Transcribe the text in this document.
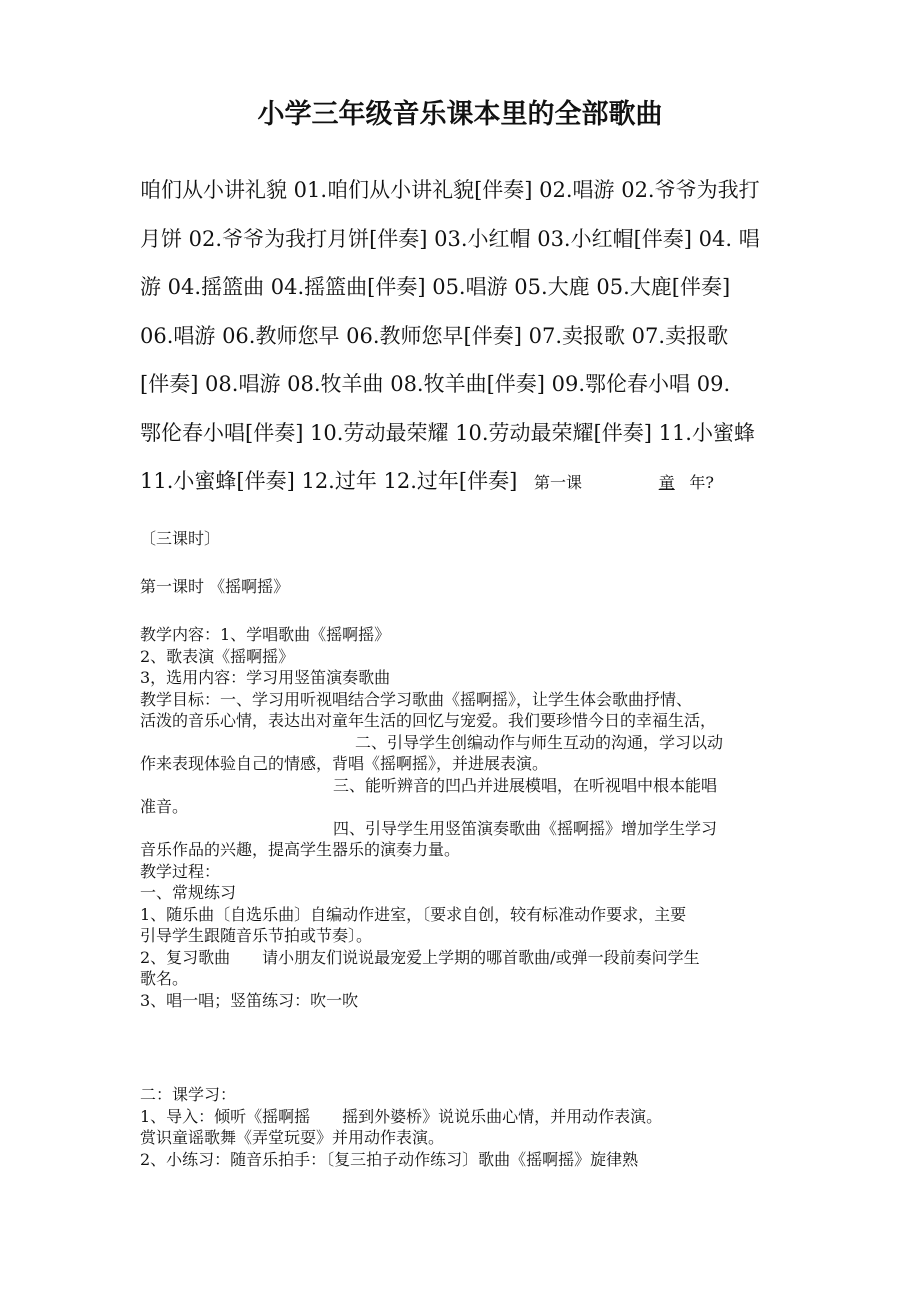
小学三年级音乐课本里的全部歌曲
咱们从小讲礼貌 01.咱们从小讲礼貌[伴奏] 02.唱游 02.爷爷为我打
月饼 02.爷爷为我打月饼[伴奏] 03.小红帽 03.小红帽[伴奏] 04. 唱
游 04.摇篮曲 04.摇篮曲[伴奏] 05.唱游 05.大鹿 05.大鹿[伴奏]
06.唱游 06.教师您早 06.教师您早[伴奏] 07.卖报歌 07.卖报歌
[伴奏] 08.唱游 08.牧羊曲 08.牧羊曲[伴奏] 09.鄂伦春小唱 09.
鄂伦春小唱[伴奏] 10.劳动最荣耀 10.劳动最荣耀[伴奏] 11.小蜜蜂
11.小蜜蜂[伴奏] 12.过年 12.过年[伴奏] 第一课	童 年?
〔三课时〕
第一课时 《摇啊摇》
教学内容：1、学唱歌曲《摇啊摇》
2、歌表演《摇啊摇》
3，选用内容：学习用竖笛演奏歌曲
教学目标：一、学习用听视唱结合学习歌曲《摇啊摇》，让学生体会歌曲抒情、
活泼的音乐心情，表达出对童年生活的回忆与宠爱。我们要珍惜今日的幸福生活，
二、引导学生创编动作与师生互动的沟通，学习以动
作来表现体验自己的情感，背唱《摇啊摇》，并进展表演。
三、能听辨音的凹凸并进展模唱，在听视唱中根本能唱
准音。
四、引导学生用竖笛演奏歌曲《摇啊摇》增加学生学习
音乐作品的兴趣，提高学生器乐的演奏力量。
教学过程：
一、常规练习
1、随乐曲〔自选乐曲〕自编动作进室，〔要求自创，较有标准动作要求，主要
引导学生跟随音乐节拍或节奏〕。
2、复习歌曲　　请小朋友们说说最宠爱上学期的哪首歌曲/或弹一段前奏问学生
歌名。
3、唱一唱；竖笛练习：吹一吹
二：课学习：
1、导入：倾听《摇啊摇　　摇到外婆桥》说说乐曲心情，并用动作表演。
赏识童谣歌舞《弄堂玩耍》并用动作表演。
2、小练习：随音乐拍手：〔复三拍子动作练习〕歌曲《摇啊摇》旋律熟
